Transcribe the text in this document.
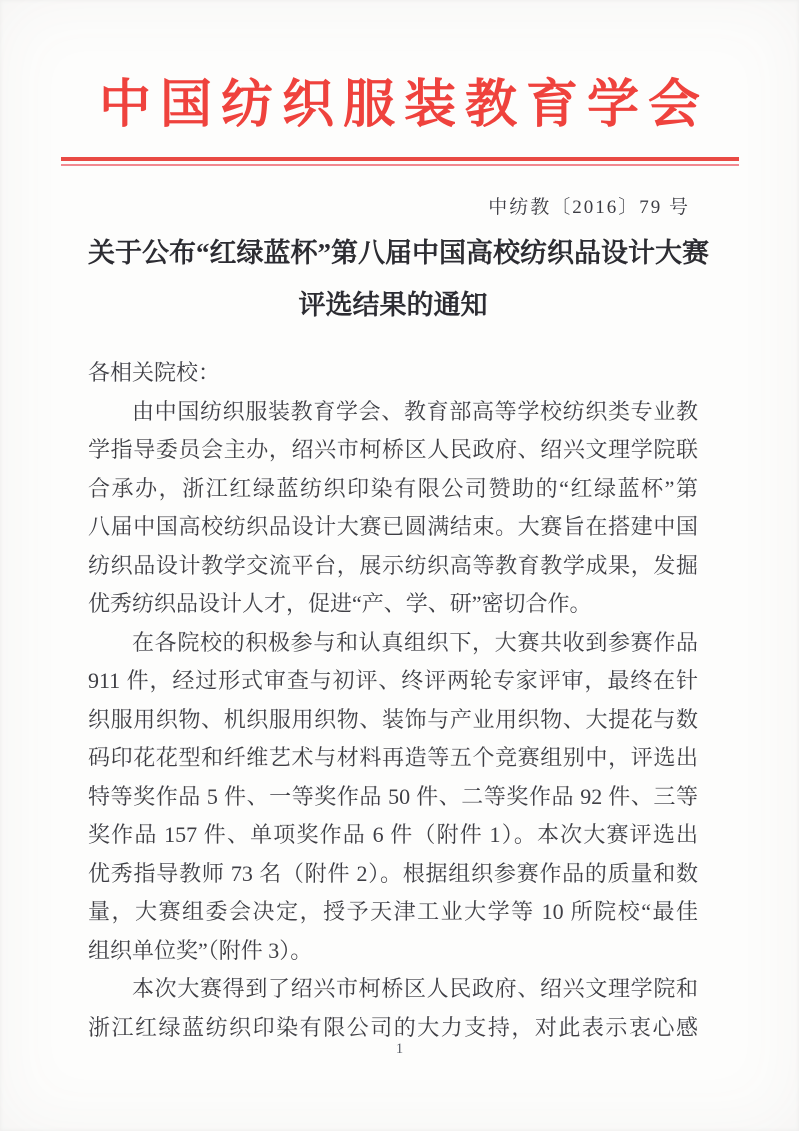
中国纺织服装教育学会
中纺教〔2016〕79 号
关于公布“红绿蓝杯”第八届中国高校纺织品设计大赛
评选结果的通知
各相关院校：
由中国纺织服装教育学会、教育部高等学校纺织类专业教
学指导委员会主办，绍兴市柯桥区人民政府、绍兴文理学院联
合承办，浙江红绿蓝纺织印染有限公司赞助的“红绿蓝杯”第
八届中国高校纺织品设计大赛已圆满结束。大赛旨在搭建中国
纺织品设计教学交流平台，展示纺织高等教育教学成果，发掘
优秀纺织品设计人才，促进“产、学、研”密切合作。
在各院校的积极参与和认真组织下，大赛共收到参赛作品
911 件，经过形式审查与初评、终评两轮专家评审，最终在针
织服用织物、机织服用织物、装饰与产业用织物、大提花与数
码印花花型和纤维艺术与材料再造等五个竞赛组别中，评选出
特等奖作品 5 件、一等奖作品 50 件、二等奖作品 92 件、三等
奖作品 157 件、单项奖作品 6 件（附件 1）。本次大赛评选出
优秀指导教师 73 名（附件 2）。根据组织参赛作品的质量和数
量，大赛组委会决定，授予天津工业大学等 10 所院校“最佳
组织单位奖”（附件 3）。
本次大赛得到了绍兴市柯桥区人民政府、绍兴文理学院和
浙江红绿蓝纺织印染有限公司的大力支持，对此表示衷心感
1
